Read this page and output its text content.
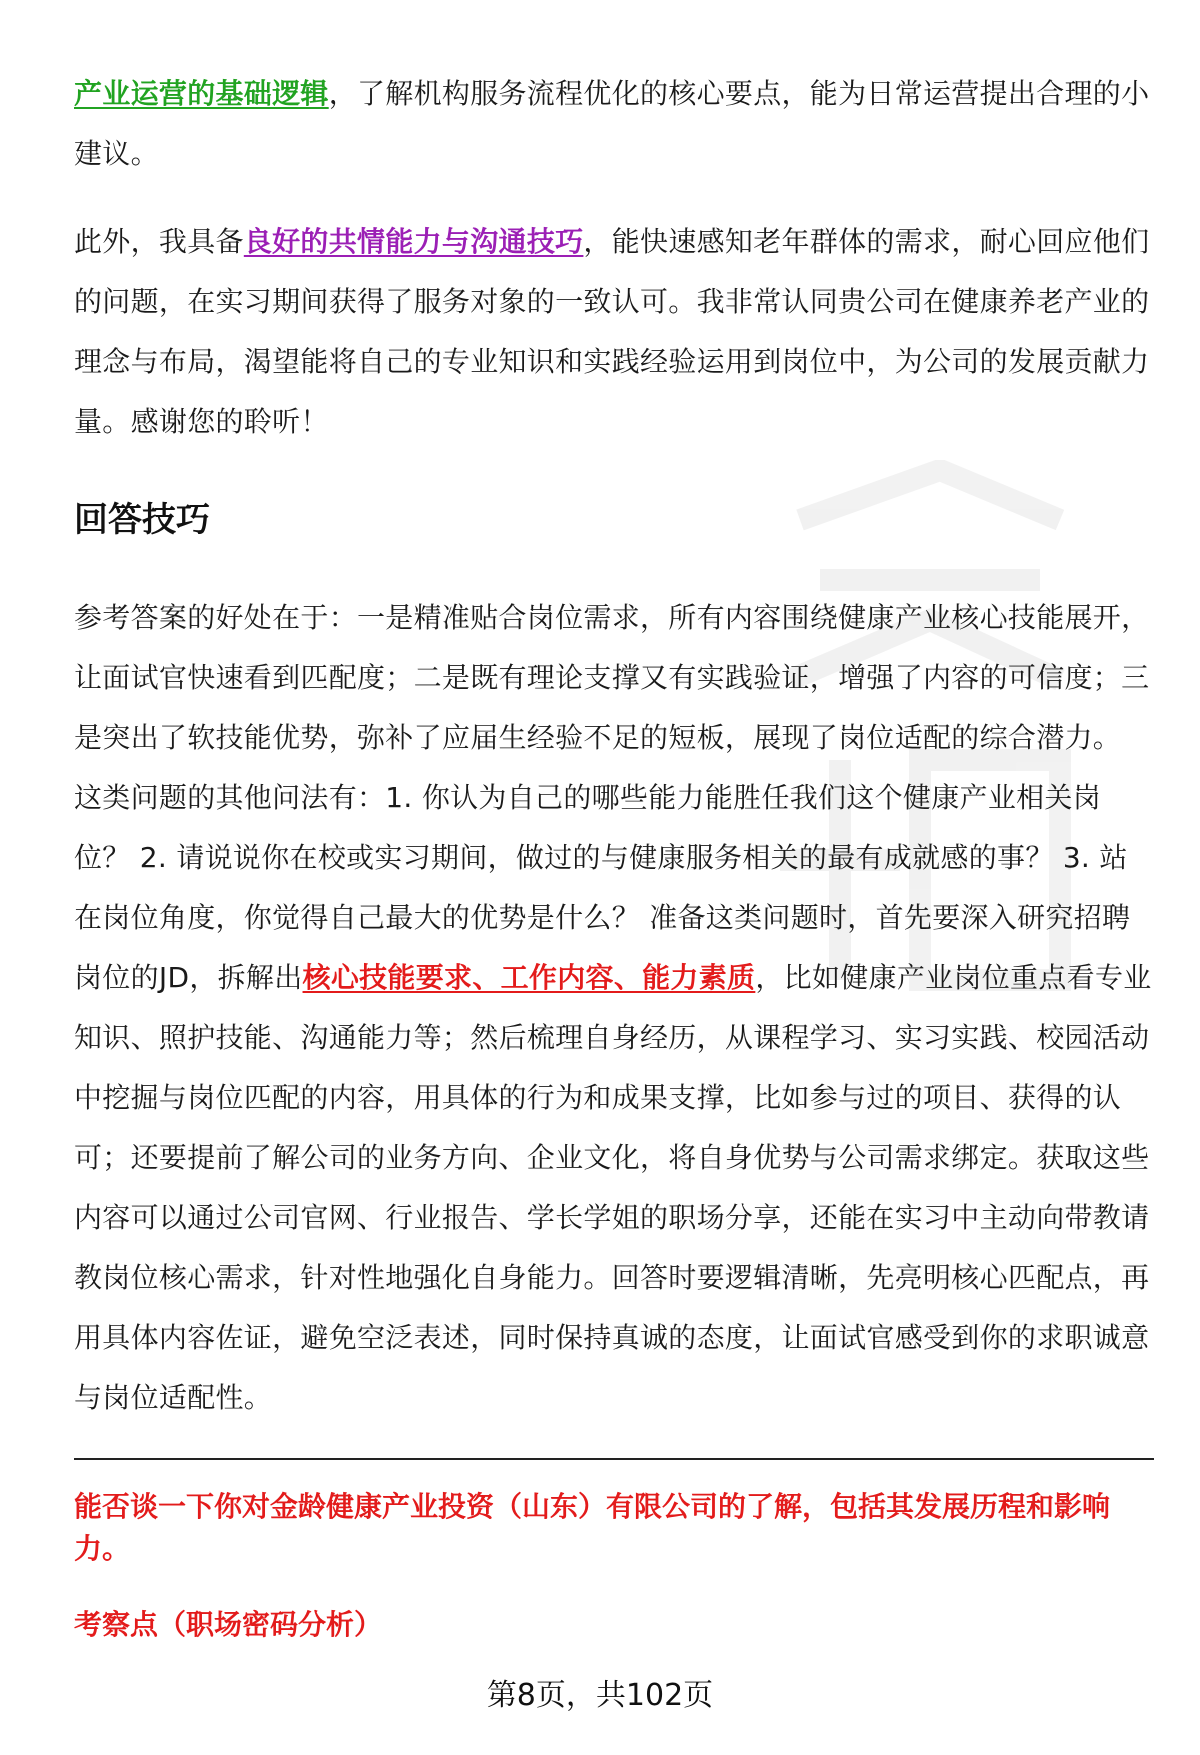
产业运营的基础逻辑，了解机构服务流程优化的核心要点，能为日常运营提出合理的小建议。

此外，我具备良好的共情能力与沟通技巧，能快速感知老年群体的需求，耐心回应他们的问题，在实习期间获得了服务对象的一致认可。我非常认同贵公司在健康养老产业的理念与布局，渴望能将自己的专业知识和实践经验运用到岗位中，为公司的发展贡献力量。感谢您的聆听！

回答技巧

参考答案的好处在于：一是精准贴合岗位需求，所有内容围绕健康产业核心技能展开，让面试官快速看到匹配度；二是既有理论支撑又有实践验证，增强了内容的可信度；三是突出了软技能优势，弥补了应届生经验不足的短板，展现了岗位适配的综合潜力。 这类问题的其他问法有：1. 你认为自己的哪些能力能胜任我们这个健康产业相关岗位？ 2. 请说说你在校或实习期间，做过的与健康服务相关的最有成就感的事？ 3. 站在岗位角度，你觉得自己最大的优势是什么？ 准备这类问题时，首先要深入研究招聘岗位的JD，拆解出核心技能要求、工作内容、能力素质，比如健康产业岗位重点看专业知识、照护技能、沟通能力等；然后梳理自身经历，从课程学习、实习实践、校园活动中挖掘与岗位匹配的内容，用具体的行为和成果支撑，比如参与过的项目、获得的认可；还要提前了解公司的业务方向、企业文化，将自身优势与公司需求绑定。获取这些内容可以通过公司官网、行业报告、学长学姐的职场分享，还能在实习中主动向带教请教岗位核心需求，针对性地强化自身能力。回答时要逻辑清晰，先亮明核心匹配点，再用具体内容佐证，避免空泛表述，同时保持真诚的态度，让面试官感受到你的求职诚意与岗位适配性。

能否谈一下你对金龄健康产业投资（山东）有限公司的了解，包括其发展历程和影响力。

考察点（职场密码分析）

第8页，共102页
